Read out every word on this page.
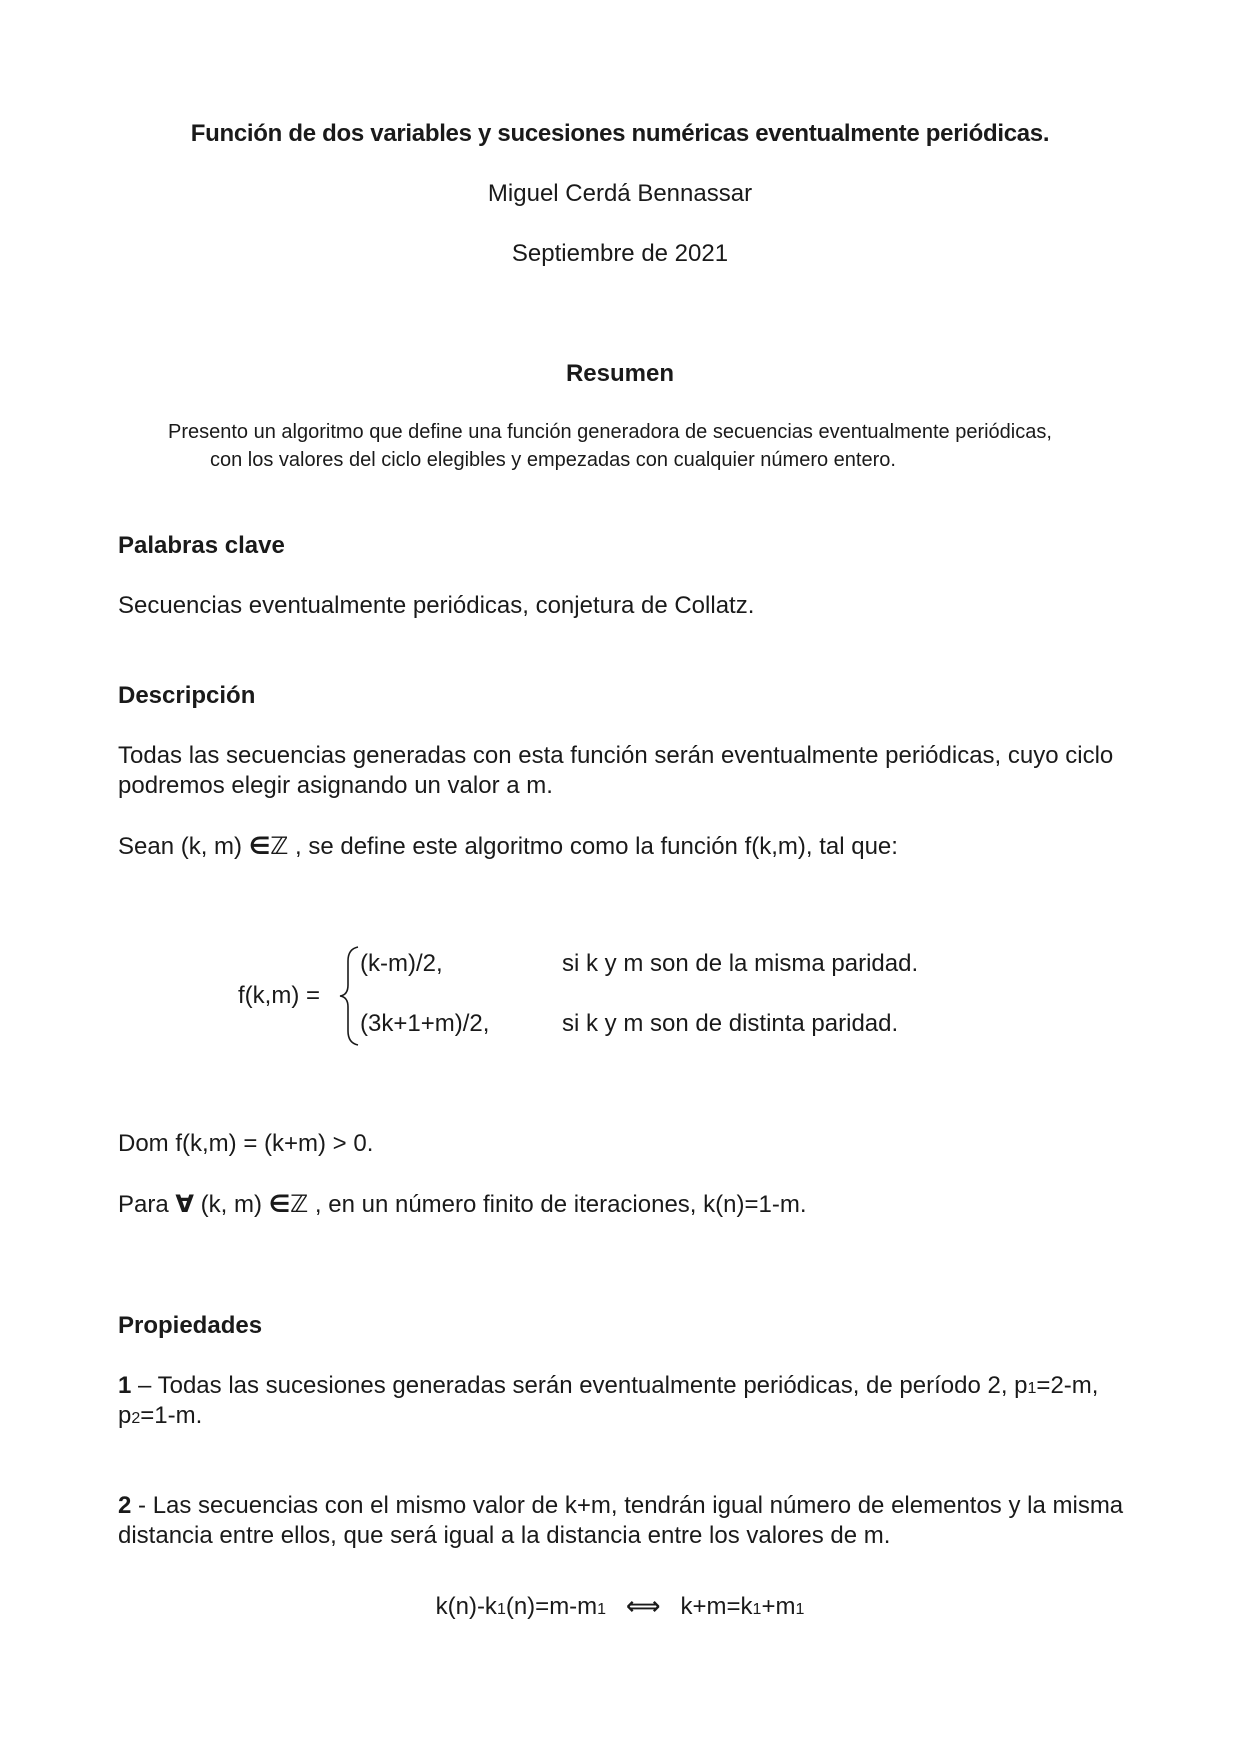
Función de dos variables y sucesiones numéricas eventualmente periódicas.
Miguel Cerdá Bennassar
Septiembre de 2021
Resumen
Presento un algoritmo que define una función generadora de secuencias eventualmente periódicas,
con los valores del ciclo elegibles y empezadas con cualquier número entero.
Palabras clave
Secuencias eventualmente periódicas, conjetura de Collatz.
Descripción
Todas las secuencias generadas con esta función serán eventualmente periódicas, cuyo ciclo
podremos elegir asignando un valor a m.
Sean (k, m) ∈ℤ , se define este algoritmo como la función f(k,m), tal que:
f(k,m) =
(k-m)/2,	si k y m son de la misma paridad.
(3k+1+m)/2,	si k y m son de distinta paridad.
Dom f(k,m) = (k+m) > 0.
Para ∀ (k, m) ∈ℤ , en un número finito de iteraciones, k(n)=1-m.
Propiedades
1 – Todas las sucesiones generadas serán eventualmente periódicas, de período 2, p1=2-m,
p2=1-m.
2 - Las secuencias con el mismo valor de k+m, tendrán igual número de elementos y la misma
distancia entre ellos, que será igual a la distancia entre los valores de m.
k(n)-k1(n)=m-m1 ⟺ k+m=k1+m1
